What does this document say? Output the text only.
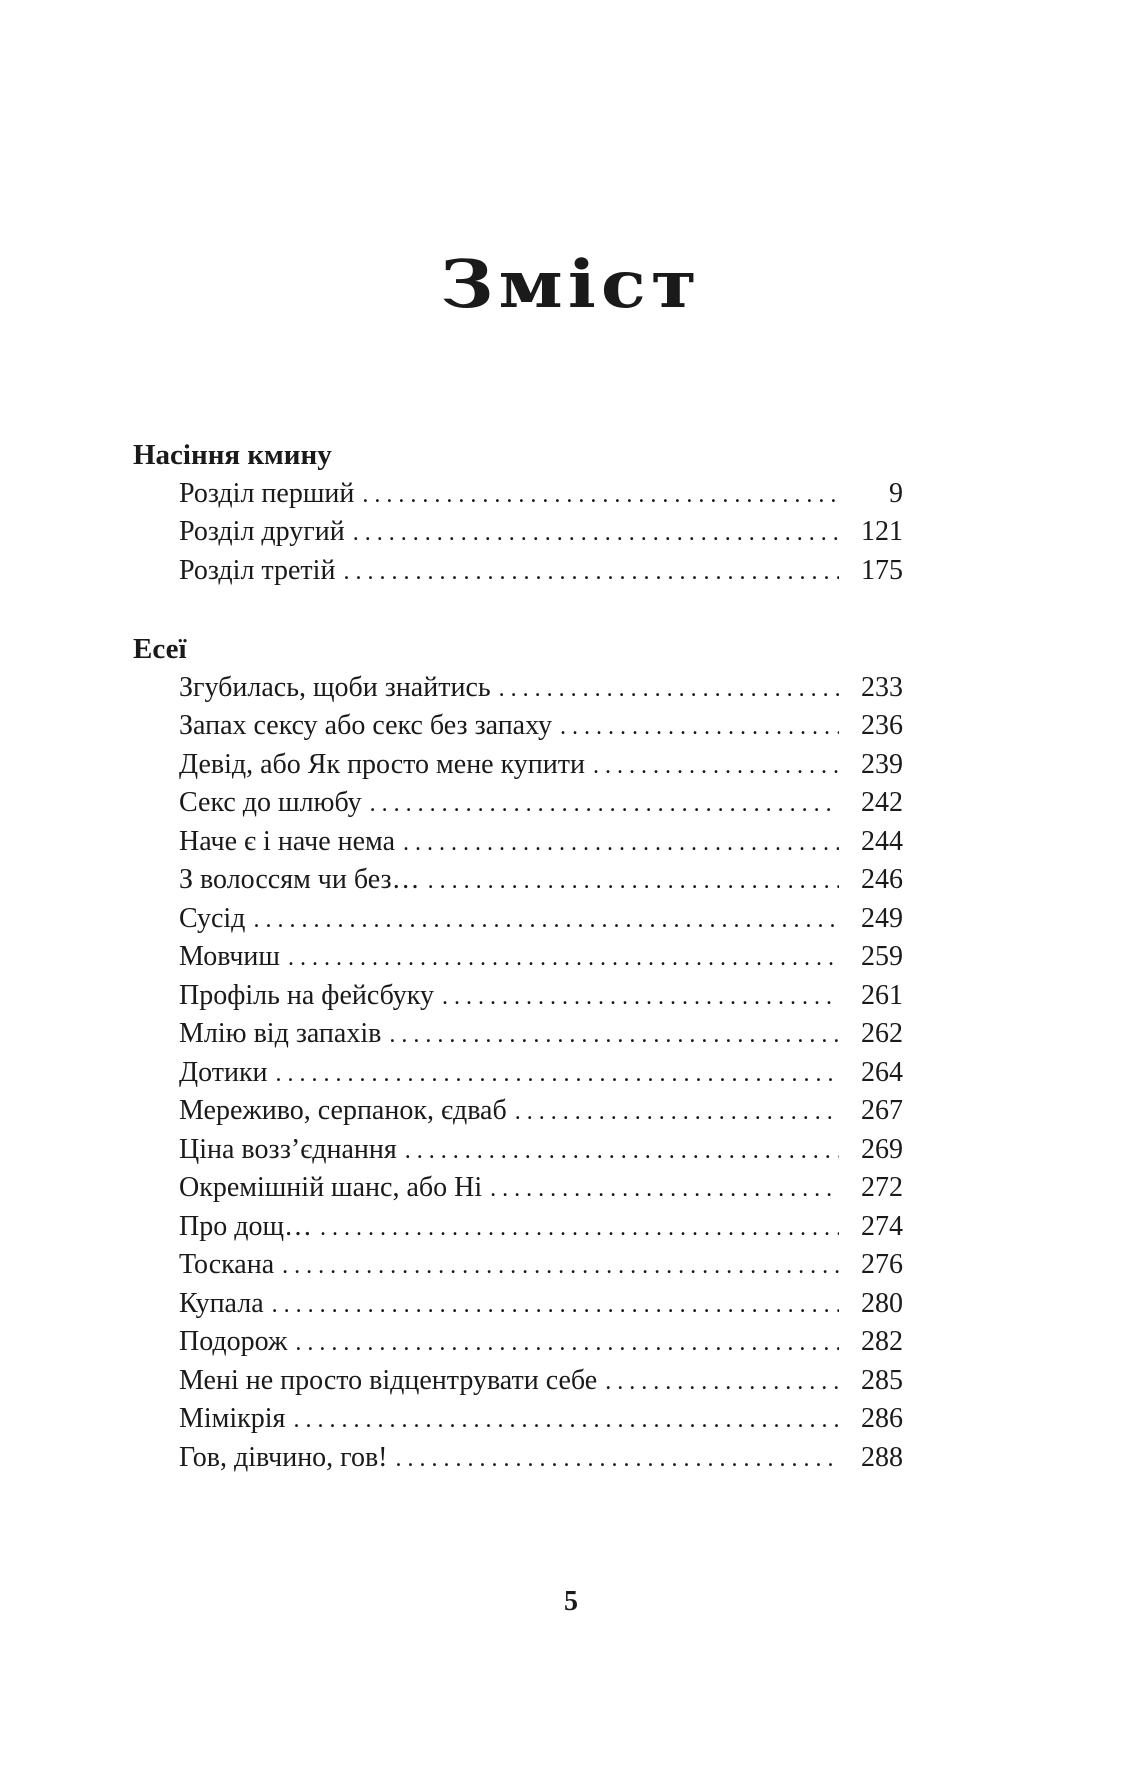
Зміст
Насіння кмину
Розділ перший . . .	9
Розділ другий . . .	121
Розділ третій . . .	175
Есеї
Згубилась, щоби знайтись . . .	233
Запах сексу або секс без запаху . . .	236
Девід, або Як просто мене купити . . .	239
Секс до шлюбу . . .	242
Наче є і наче нема . . .	244
З волоссям чи без… . . .	246
Сусід . . .	249
Мовчиш . . .	259
Профіль на фейсбуку . . .	261
Млію від запахів . . .	262
Дотики . . .	264
Мереживо, серпанок, єдваб . . .	267
Ціна возз’єднання . . .	269
Окремішній шанс, або Ні . . .	272
Про дощ… . . .	274
Тоскана . . .	276
Купала . . .	280
Подорож . . .	282
Мені не просто відцентрувати себе . . .	285
Мімікрія . . .	286
Гов, дівчино, гов! . . .	288

5
